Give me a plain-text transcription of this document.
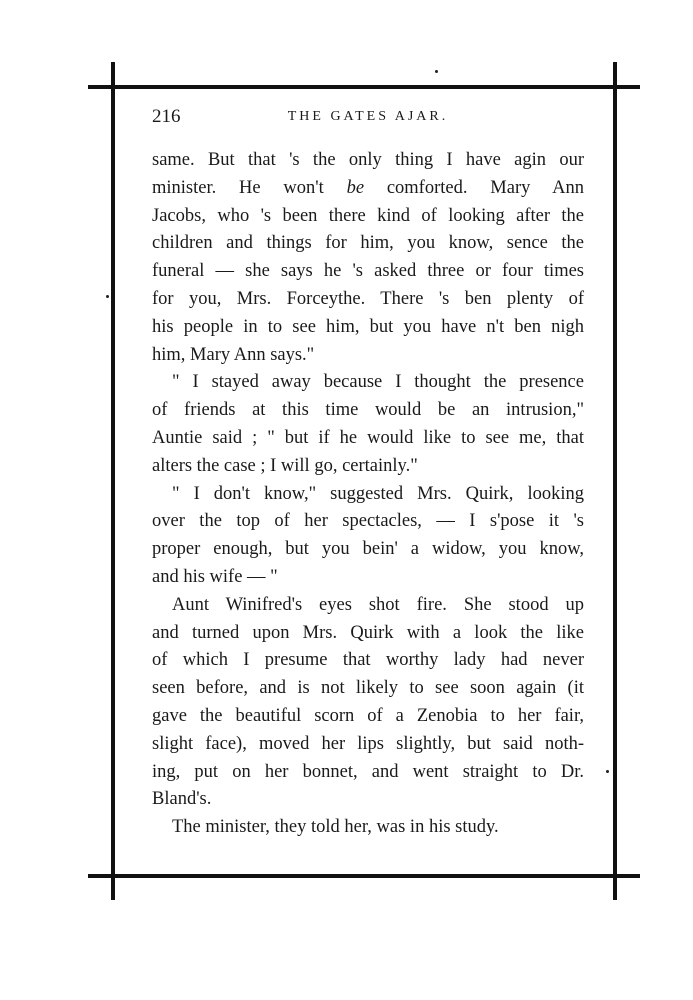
216	THE GATES AJAR.
same. But that 's the only thing I have agin our
minister. He won't be comforted. Mary Ann
Jacobs, who 's been there kind of looking after the
children and things for him, you know, sence the
funeral — she says he 's asked three or four times
for you, Mrs. Forceythe. There 's ben plenty of
his people in to see him, but you have n't ben nigh
him, Mary Ann says."
" I stayed away because I thought the presence
of friends at this time would be an intrusion,"
Auntie said ; " but if he would like to see me, that
alters the case ; I will go, certainly."
" I don't know," suggested Mrs. Quirk, looking
over the top of her spectacles, — I s'pose it 's
proper enough, but you bein' a widow, you know,
and his wife — "
Aunt Winifred's eyes shot fire. She stood up
and turned upon Mrs. Quirk with a look the like
of which I presume that worthy lady had never
seen before, and is not likely to see soon again (it
gave the beautiful scorn of a Zenobia to her fair,
slight face), moved her lips slightly, but said noth-
ing, put on her bonnet, and went straight to Dr.
Bland's.
The minister, they told her, was in his study.
